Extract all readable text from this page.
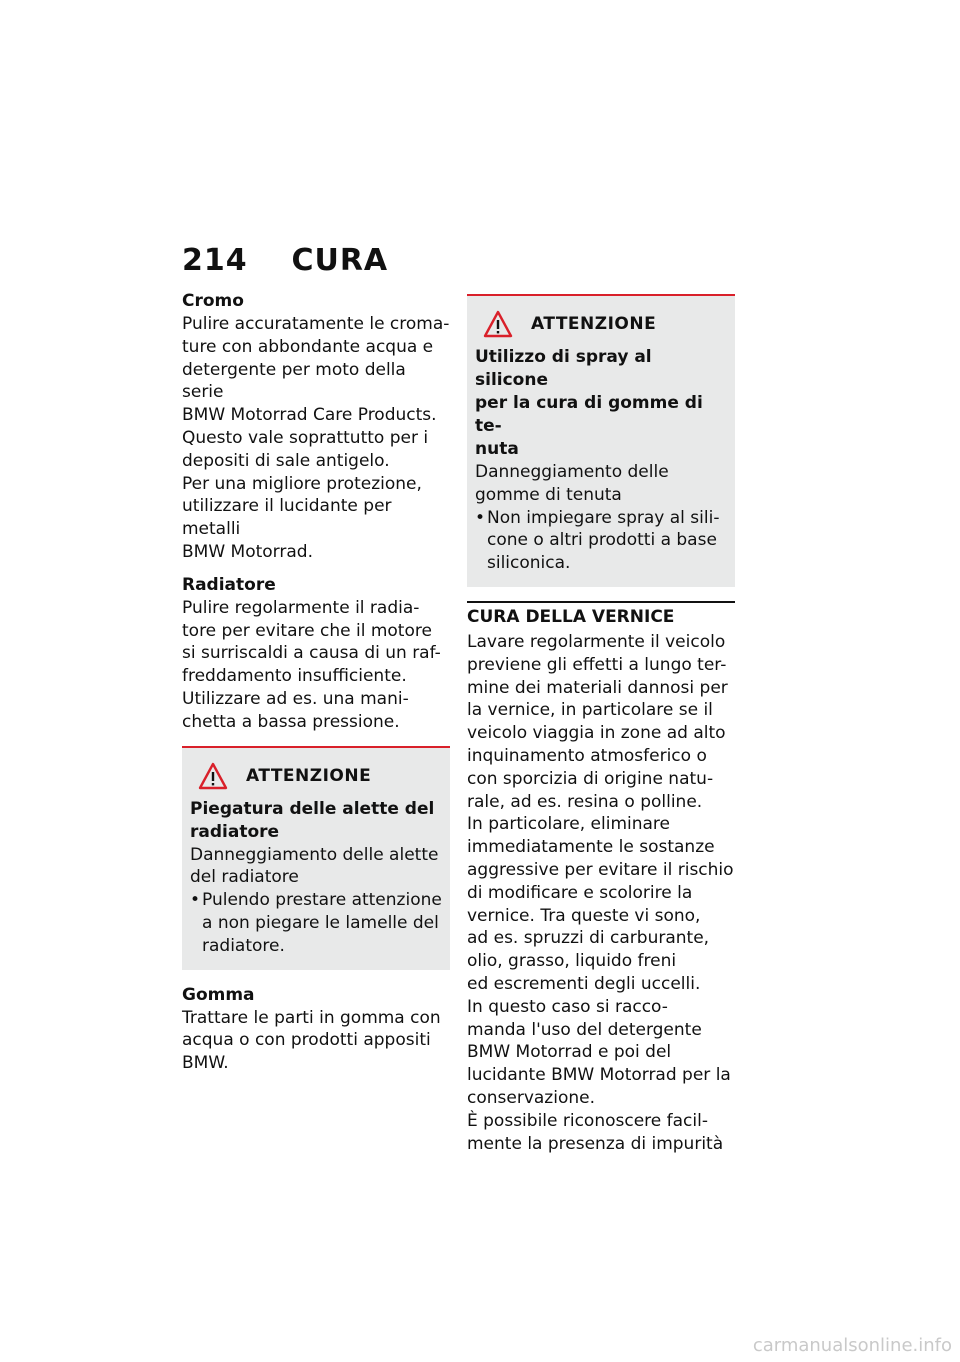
214 CURA
Cromo
Pulire accuratamente le croma-
ture con abbondante acqua e
detergente per moto della serie
BMW Motorrad Care Products.
Questo vale soprattutto per i
depositi di sale antigelo.
Per una migliore protezione,
utilizzare il lucidante per metalli
BMW Motorrad.
Radiatore
Pulire regolarmente il radia-
tore per evitare che il motore
si surriscaldi a causa di un raf-
freddamento insufficiente.
Utilizzare ad es. una mani-
chetta a bassa pressione.
ATTENZIONE
Piegatura delle alette del
radiatore
Danneggiamento delle alette
del radiatore
• Pulendo prestare attenzione
a non piegare le lamelle del
radiatore.
Gomma
Trattare le parti in gomma con
acqua o con prodotti appositi
BMW.
ATTENZIONE
Utilizzo di spray al silicone
per la cura di gomme di te-
nuta
Danneggiamento delle
gomme di tenuta
• Non impiegare spray al sili-
cone o altri prodotti a base
siliconica.
CURA DELLA VERNICE
Lavare regolarmente il veicolo
previene gli effetti a lungo ter-
mine dei materiali dannosi per
la vernice, in particolare se il
veicolo viaggia in zone ad alto
inquinamento atmosferico o
con sporcizia di origine natu-
rale, ad es. resina o polline.
In particolare, eliminare
immediatamente le sostanze
aggressive per evitare il rischio
di modificare e scolorire la
vernice. Tra queste vi sono,
ad es. spruzzi di carburante,
olio, grasso, liquido freni
ed escrementi degli uccelli.
In questo caso si racco-
manda l'uso del detergente
BMW Motorrad e poi del
lucidante BMW Motorrad per la
conservazione.
È possibile riconoscere facil-
mente la presenza di impurità
carmanualsonline.info
